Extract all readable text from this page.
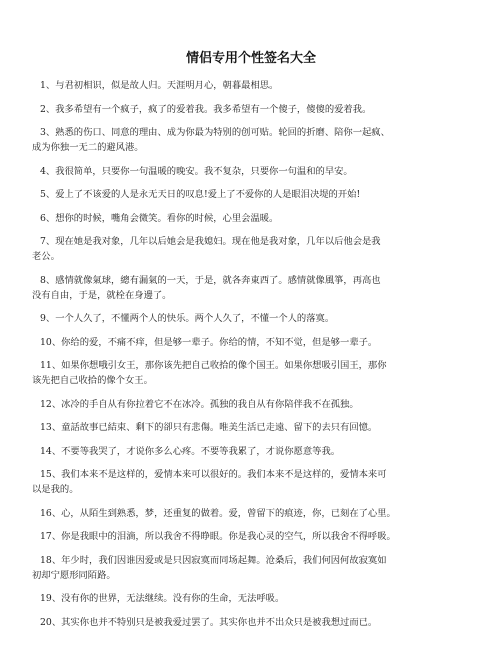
情侣专用个性签名大全

1、与君初相识，似是故人归。天涯明月心，朝暮最相思。

2、我多希望有一个疯子，疯了的爱着我。我多希望有一个傻子，傻傻的爱着我。

3、熟悉的伤口、同意的理由、成为你最为特别的创可贴。轮回的折磨、陪你一起疯、
成为你独一无二的避风港。

4、我很简单，只要你一句温暖的晚安。我不复杂，只要你一句温和的早安。

5、爱上了不该爱的人是永无天日的叹息!爱上了不爱你的人是眼泪决堤的开始!

6、想你的时候，嘴角会微笑。看你的时候，心里会温暖。

7、现在她是我对象，几年以后她会是我媳妇。现在他是我对象，几年以后他会是我
老公。

8、感情就像氣球，總有漏氣的一天，于是，就各奔東西了。感情就像風箏，再高也
没有自由，于是，就栓在身邊了。

9、一个人久了，不懂两个人的快乐。两个人久了，不懂一个人的落寞。

10、你给的爱，不痛不痒，但是够一辈子。你给的情，不知不觉，但是够一辈子。

11、如果你想哦引女王，那你该先把自己收拾的像个国王。如果你想吸引国王，那你
该先把自己收拾的像个女王。

12、冰冷的手自从有你拉着它不在冰冷。孤独的我自从有你陪伴我不在孤独。

13、童話故事已結束、剩下的卻只有悲傷。唯美生活已走遠、留下的去只有回憶。

14、不要等我哭了，才说你多么心疼。不要等我累了，才说你愿意等我。

15、我们本来不是这样的，爱情本来可以很好的。我们本来不是这样的，爱情本来可
以是我的。

16、心，从陌生到熟悉，梦，还重复的做着。爱，曾留下的痕迹，你，已刻在了心里。

17、你是我眼中的泪滴，所以我舍不得睁眼。你是我心灵的空气，所以我舍不得呼吸。

18、年少时，我们因谁因爱或是只因寂寞而同场起舞。沧桑后，我们何因何故寂寞如
初却宁愿形同陌路。

19、没有你的世界，无法继续。没有你的生命，无法呼吸。

20、其实你也并不特别只是被我爱过罢了。其实你也并不出众只是被我想过而已。
